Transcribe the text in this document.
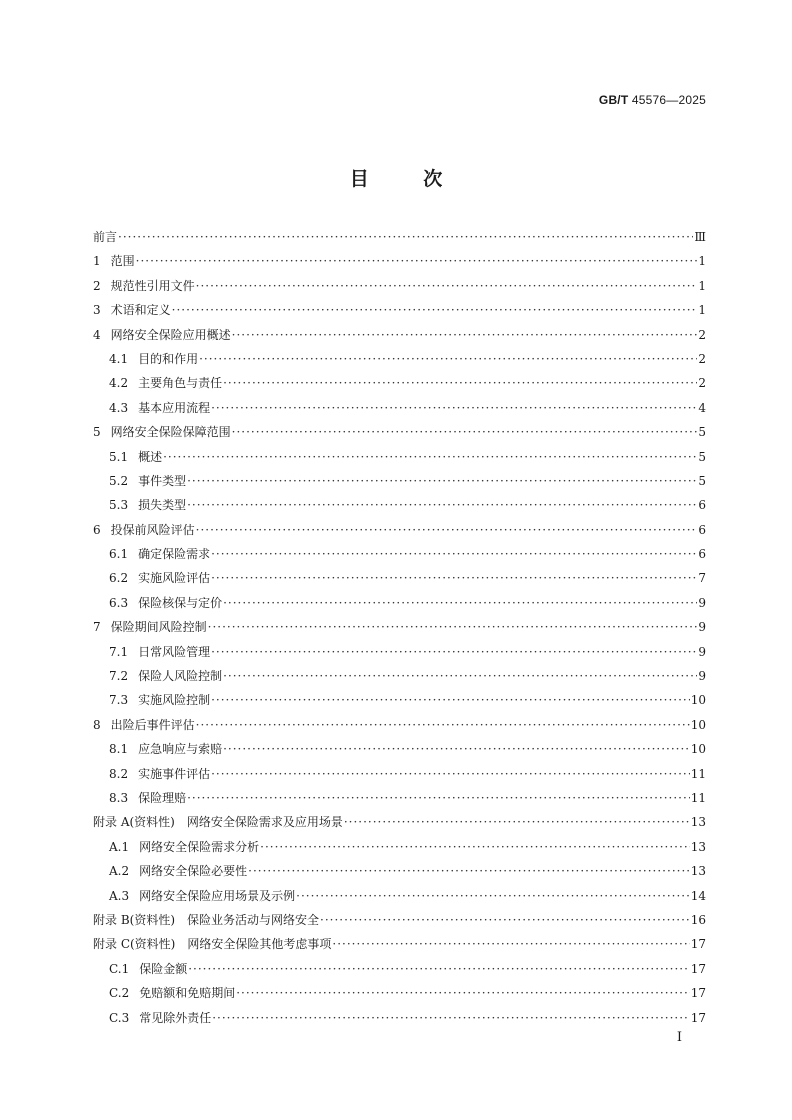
GB/T 45576—2025
目 次
前言 ·····	Ⅲ
1 范围 ·····	1
2 规范性引用文件 ·····	1
3 术语和定义 ·····	1
4 网络安全保险应用概述 ·····	2
4.1 目的和作用 ·····	2
4.2 主要角色与责任 ·····	2
4.3 基本应用流程 ·····	4
5 网络安全保险保障范围 ·····	5
5.1 概述 ·····	5
5.2 事件类型 ·····	5
5.3 损失类型 ·····	6
6 投保前风险评估 ·····	6
6.1 确定保险需求 ·····	6
6.2 实施风险评估 ·····	7
6.3 保险核保与定价 ·····	9
7 保险期间风险控制 ·····	9
7.1 日常风险管理 ·····	9
7.2 保险人风险控制 ·····	9
7.3 实施风险控制 ·····	10
8 出险后事件评估 ·····	10
8.1 应急响应与索赔 ·····	10
8.2 实施事件评估 ·····	11
8.3 保险理赔 ·····	11
附录 A(资料性)　网络安全保险需求及应用场景 ·····	13
A.1 网络安全保险需求分析 ·····	13
A.2 网络安全保险必要性 ·····	13
A.3 网络安全保险应用场景及示例 ·····	14
附录 B(资料性)　保险业务活动与网络安全 ·····	16
附录 C(资料性)　网络安全保险其他考虑事项 ·····	17
C.1 保险金额 ·····	17
C.2 免赔额和免赔期间 ·····	17
C.3 常见除外责任 ·····	17
I
